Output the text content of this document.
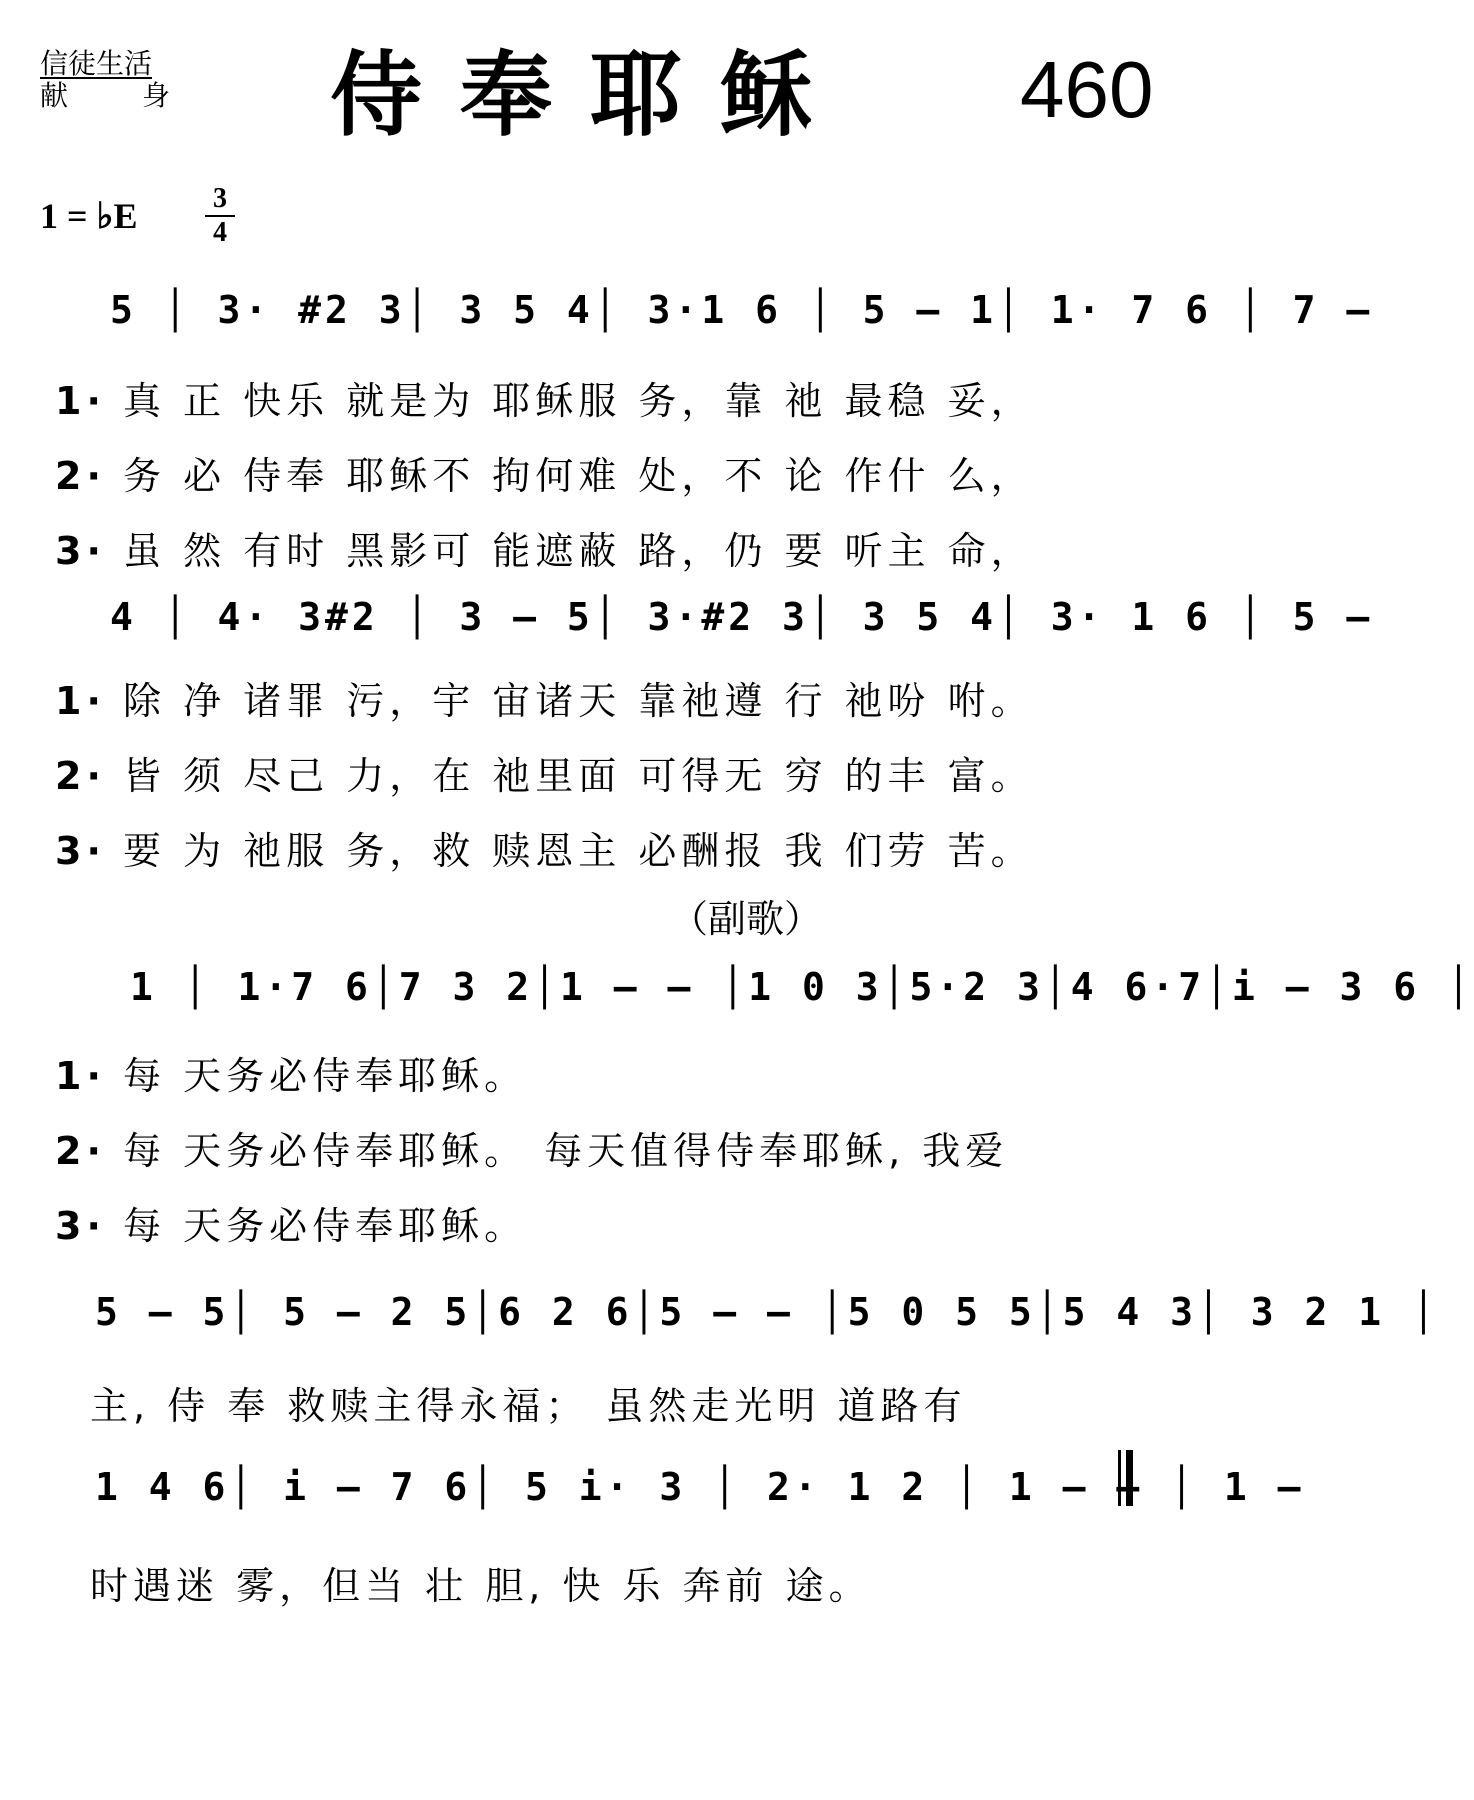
信徒生活
献	身 侍奉耶稣 460
1 = ♭E	3
4
5 │ 3· #2 3│ 3 5 4│ 3·1 6 │ 5 – 1│ 1· 7 6 │ 7 –
1· 真 正 快乐 就是为 耶稣服 务，靠 祂 最稳 妥，
2· 务 必 侍奉 耶稣不 拘何难 处，不 论 作什 么，
3· 虽 然 有时 黑影可 能遮蔽 路，仍 要 听主 命，
4 │ 4· 3#2 │ 3 – 5│ 3·#2 3│ 3 5 4│ 3· 1 6 │ 5 –
1· 除 净 诸罪 污，宇 宙诸天 靠祂遵 行 祂吩 咐。
2· 皆 须 尽己 力，在 祂里面 可得无 穷 的丰 富。
3· 要 为 祂服 务，救 赎恩主 必酬报 我 们劳 苦。
（副歌）
1 │ 1·7 6│7 3 2│1 – – │1 0 3│5·2 3│4 6·7│i – 3 6 │
1· 每 天务必侍奉耶稣。
2· 每 天务必侍奉耶稣。 每天值得侍奉耶稣, 我爱
3· 每 天务必侍奉耶稣。
5 – 5│ 5 – 2 5│6 2 6│5 – – │5 0 5 5│5 4 3│ 3 2 1 │
主, 侍 奉 救赎主得永福； 虽然走光明 道路有
1 4 6│ i – 7 6│ 5 i· 3 │ 2· 1 2 │ 1 – – │ 1 –
时遇迷 雾，但当 壮 胆, 快 乐 奔前 途。
